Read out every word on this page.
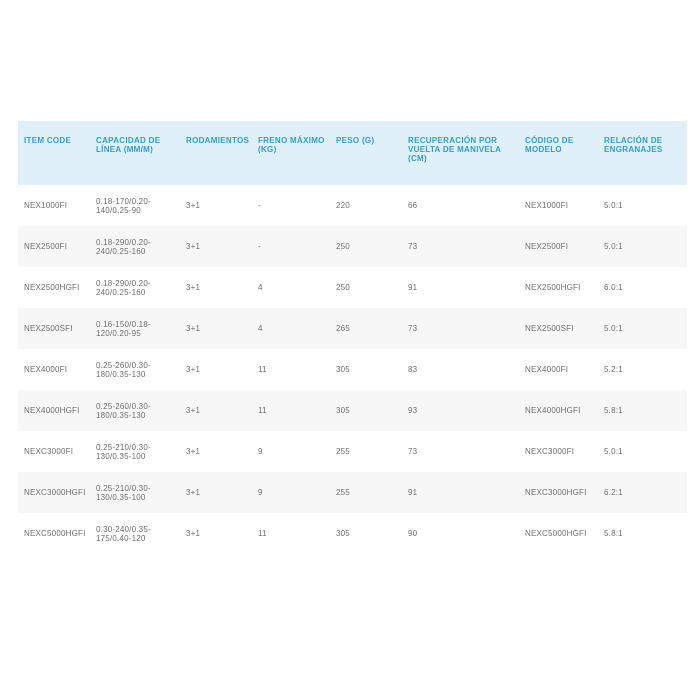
ITEM CODE	CAPACIDAD DE LÍNEA (MM/M)	RODAMIENTOS	FRENO MÁXIMO (KG)	PESO (G)	RECUPERACIÓN POR VUELTA DE MANIVELA (CM)	CÓDIGO DE MODELO	RELACIÓN DE ENGRANAJES
NEX1000FI	0.18-170/0.20-140/0.25-90	3+1	-	220	66	NEX1000FI	5.0:1
NEX2500FI	0.18-290/0.20-240/0.25-160	3+1	-	250	73	NEX2500FI	5.0:1
NEX2500HGFI	0.18-290/0.20-240/0.25-160	3+1	4	250	91	NEX2500HGFI	6.0:1
NEX2500SFI	0.16-150/0.18-120/0.20-95	3+1	4	265	73	NEX2500SFI	5.0:1
NEX4000FI	0.25-260/0.30-180/0.35-130	3+1	11	305	83	NEX4000FI	5.2:1
NEX4000HGFI	0.25-260/0.30-180/0.35-130	3+1	11	305	93	NEX4000HGFI	5.8:1
NEXC3000FI	0.25-210/0.30-130/0.35-100	3+1	9	255	73	NEXC3000FI	5.0:1
NEXC3000HGFI	0.25-210/0.30-130/0.35-100	3+1	9	255	91	NEXC3000HGFI	6.2:1
NEXC5000HGFI	0.30-240/0.35-175/0.40-120	3+1	11	305	90	NEXC5000HGFI	5.8:1
